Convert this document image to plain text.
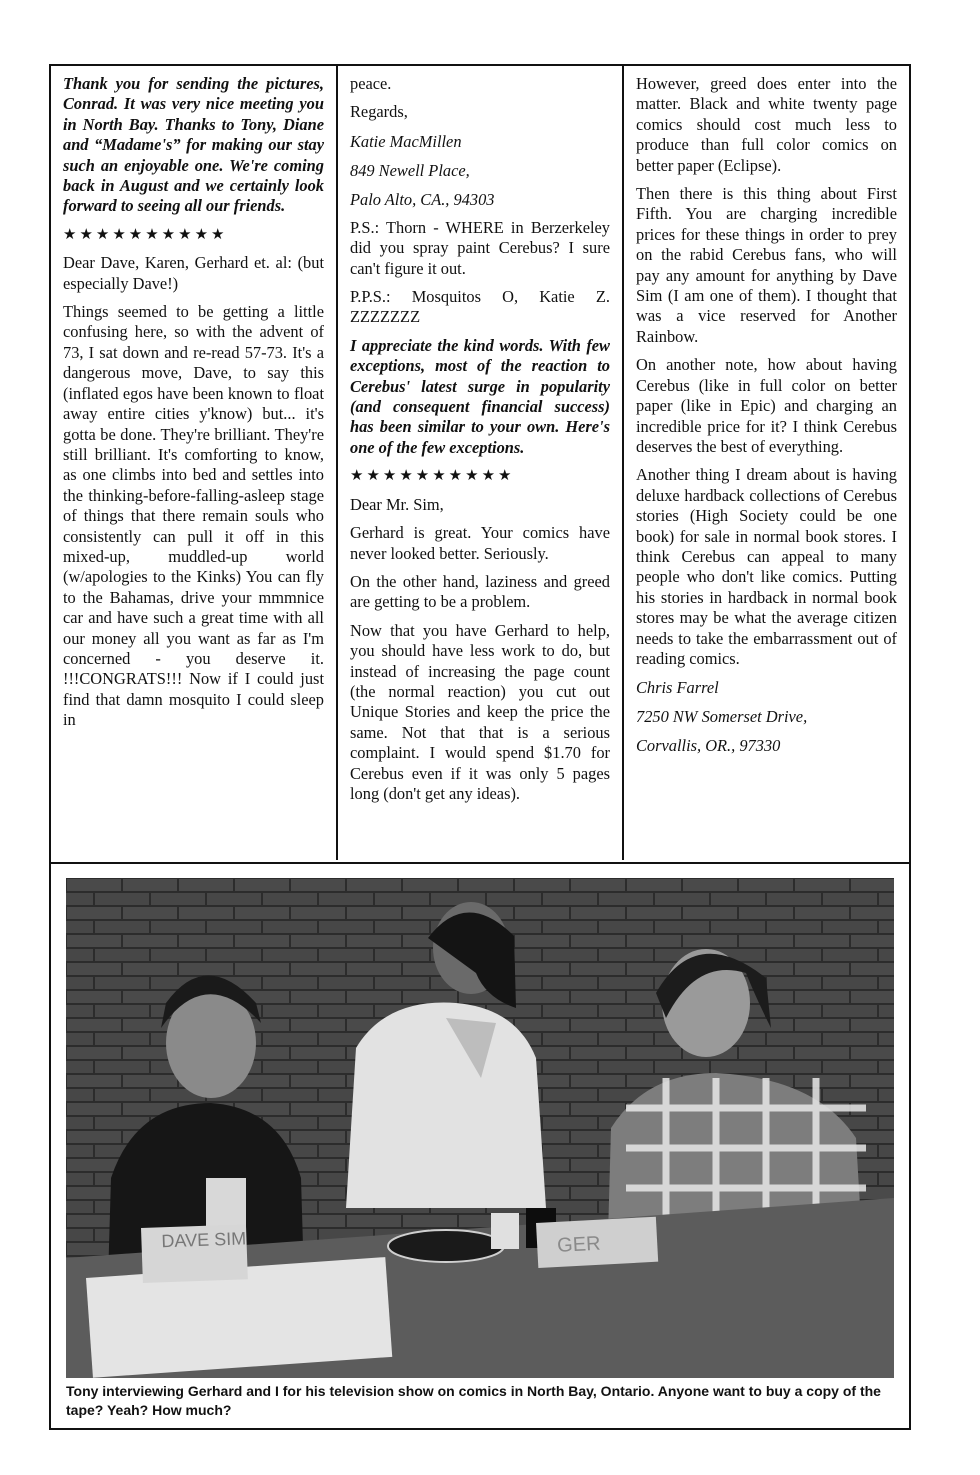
Thank you for sending the pictures, Conrad. It was very nice meeting you in North Bay. Thanks to Tony, Diane and “Madame's” for making our stay such an enjoyable one. We're coming back in August and we certainly look forward to seeing all our friends.

★★★★★★★★★★

Dear Dave, Karen, Gerhard et. al: (but especially Dave!)

Things seemed to be getting a little confusing here, so with the advent of 73, I sat down and re-read 57-73. It's a dangerous move, Dave, to say this (inflated egos have been known to float away entire cities y'know) but... it's gotta be done. They're brilliant. They're still brilliant. It's comforting to know, as one climbs into bed and settles into the thinking-before-falling-asleep stage of things that there remain souls who consistently can pull it off in this mixed-up, muddled-up world (w/apologies to the Kinks) You can fly to the Bahamas, drive your mmmnice car and have such a great time with all our money all you want as far as I'm concerned - you deserve it. !!!CONGRATS!!! Now if I could just find that damn mosquito I could sleep in

peace.

Regards,

Katie MacMillen

849 Newell Place,

Palo Alto, CA., 94303

P.S.: Thorn - WHERE in Berzerkeley did you spray paint Cerebus? I sure can't figure it out.

P.P.S.: Mosquitos O, Katie Z. ZZZZZZZ

I appreciate the kind words. With few exceptions, most of the reaction to Cerebus' latest surge in popularity (and consequent financial success) has been similar to your own. Here's one of the few exceptions.

★★★★★★★★★★

Dear Mr. Sim,

Gerhard is great. Your comics have never looked better. Seriously.

On the other hand, laziness and greed are getting to be a problem.

Now that you have Gerhard to help, you should have less work to do, but instead of increasing the page count (the normal reaction) you cut out Unique Stories and keep the price the same. Not that that is a serious complaint. I would spend $1.70 for Cerebus even if it was only 5 pages long (don't get any ideas).

However, greed does enter into the matter. Black and white twenty page comics should cost much less to produce than full color comics on better paper (Eclipse).

Then there is this thing about First Fifth. You are charging incredible prices for these things in order to prey on the rabid Cerebus fans, who will pay any amount for anything by Dave Sim (I am one of them). I thought that was a vice reserved for Another Rainbow.

On another note, how about having Cerebus (like in full color on better paper (like in Epic) and charging an incredible price for it? I think Cerebus deserves the best of everything.

Another thing I dream about is having deluxe hardback collections of Cerebus stories (High Society could be one book) for sale in normal book stores. I think Cerebus can appeal to many people who don't like comics. Putting his stories in hardback in normal book stores may be what the average citizen needs to take the embarrassment out of reading comics.

Chris Farrel

7250 NW Somerset Drive,

Corvallis, OR., 97330

DAVE SIM	GER

Tony interviewing Gerhard and I for his television show on comics in North Bay, Ontario. Anyone want to buy a copy of the tape? Yeah? How much?
